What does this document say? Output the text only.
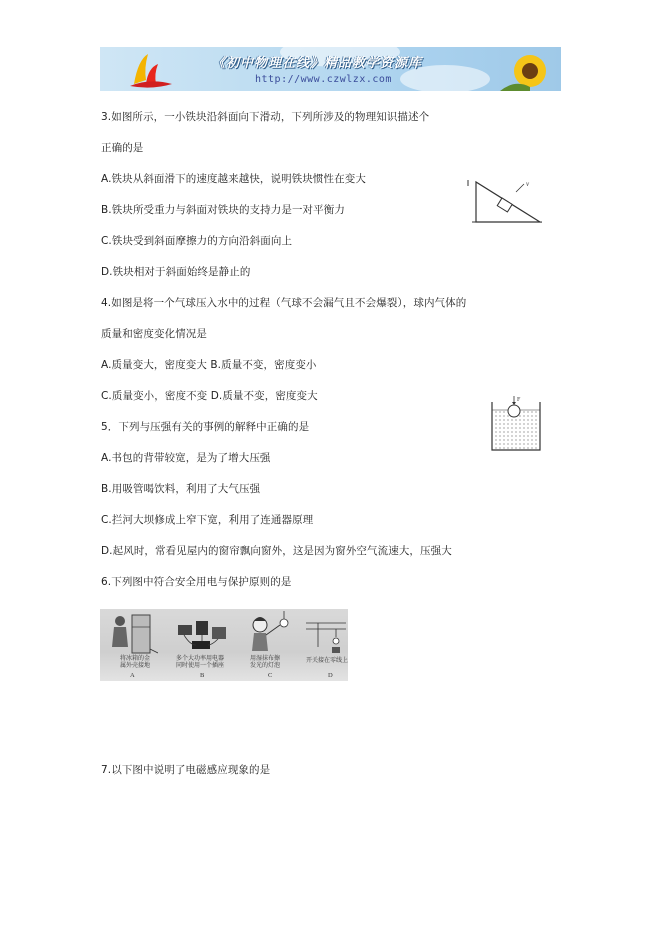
《初中物理在线》精品教学资源库
http://www.czwlzx.com
3.如图所示，一小铁块沿斜面向下滑动，下列所涉及的物理知识描述个
正确的是
A.铁块从斜面滑下的速度越来越快，说明铁块惯性在变大
B.铁块所受重力与斜面对铁块的支持力是一对平衡力
C.铁块受到斜面摩擦力的方向沿斜面向上
D.铁块相对于斜面始终是静止的
v
4.如图是将一个气球压入水中的过程（气球不会漏气且不会爆裂），球内气体的
质量和密度变化情况是
A.质量变大，密度变大 B.质量不变，密度变小
C.质量变小，密度不变 D.质量不变，密度变大	F
5．下列与压强有关的事例的解释中正确的是
A.书包的背带较宽，是为了增大压强
B.用吸管喝饮料，利用了大气压强
C.拦河大坝修成上窄下宽，利用了连通器原理
D.起风时，常看见屋内的窗帘飘向窗外，这是因为窗外空气流速大，压强大
6.下列图中符合安全用电与保护原则的是
将冰箱的金
属外壳接地
多个大功率用电器
同时使用一个插座
用湿抹布擦
发光的灯泡
开关接在零线上
A	B	C	D
7.以下图中说明了电磁感应现象的是
